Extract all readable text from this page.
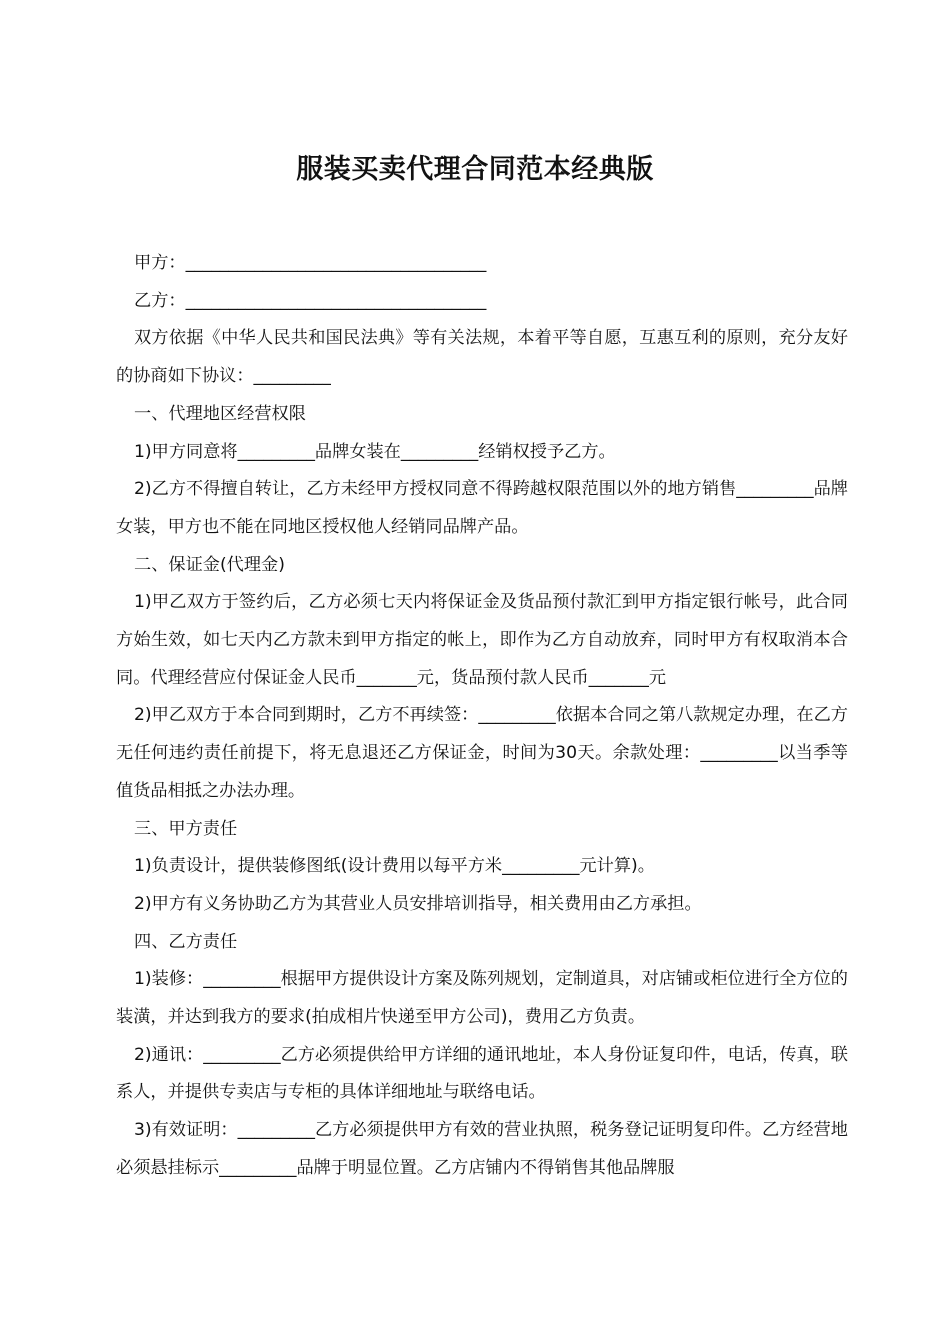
服装买卖代理合同范本经典版

甲方：___________________________________

乙方：___________________________________

双方依据《中华人民共和国民法典》等有关法规，本着平等自愿，互惠互利的原则，充分友好的协商如下协议：_________

一、代理地区经营权限

1)甲方同意将_________品牌女装在_________经销权授予乙方。

2)乙方不得擅自转让，乙方未经甲方授权同意不得跨越权限范围以外的地方销售_________品牌女装，甲方也不能在同地区授权他人经销同品牌产品。

二、保证金(代理金)

1)甲乙双方于签约后，乙方必须七天内将保证金及货品预付款汇到甲方指定银行帐号，此合同方始生效，如七天内乙方款未到甲方指定的帐上，即作为乙方自动放弃，同时甲方有权取消本合同。代理经营应付保证金人民币_______元，货品预付款人民币_______元

2)甲乙双方于本合同到期时，乙方不再续签：_________依据本合同之第八款规定办理，在乙方无任何违约责任前提下，将无息退还乙方保证金，时间为30天。余款处理：_________以当季等值货品相抵之办法办理。

三、甲方责任

1)负责设计，提供装修图纸(设计费用以每平方米_________元计算)。

2)甲方有义务协助乙方为其营业人员安排培训指导，相关费用由乙方承担。

四、乙方责任

1)装修：_________根据甲方提供设计方案及陈列规划，定制道具，对店铺或柜位进行全方位的装潢，并达到我方的要求(拍成相片快递至甲方公司)，费用乙方负责。

2)通讯：_________乙方必须提供给甲方详细的通讯地址，本人身份证复印件，电话，传真，联系人，并提供专卖店与专柜的具体详细地址与联络电话。

3)有效证明：_________乙方必须提供甲方有效的营业执照，税务登记证明复印件。乙方经营地必须悬挂标示_________品牌于明显位置。乙方店铺内不得销售其他品牌服
